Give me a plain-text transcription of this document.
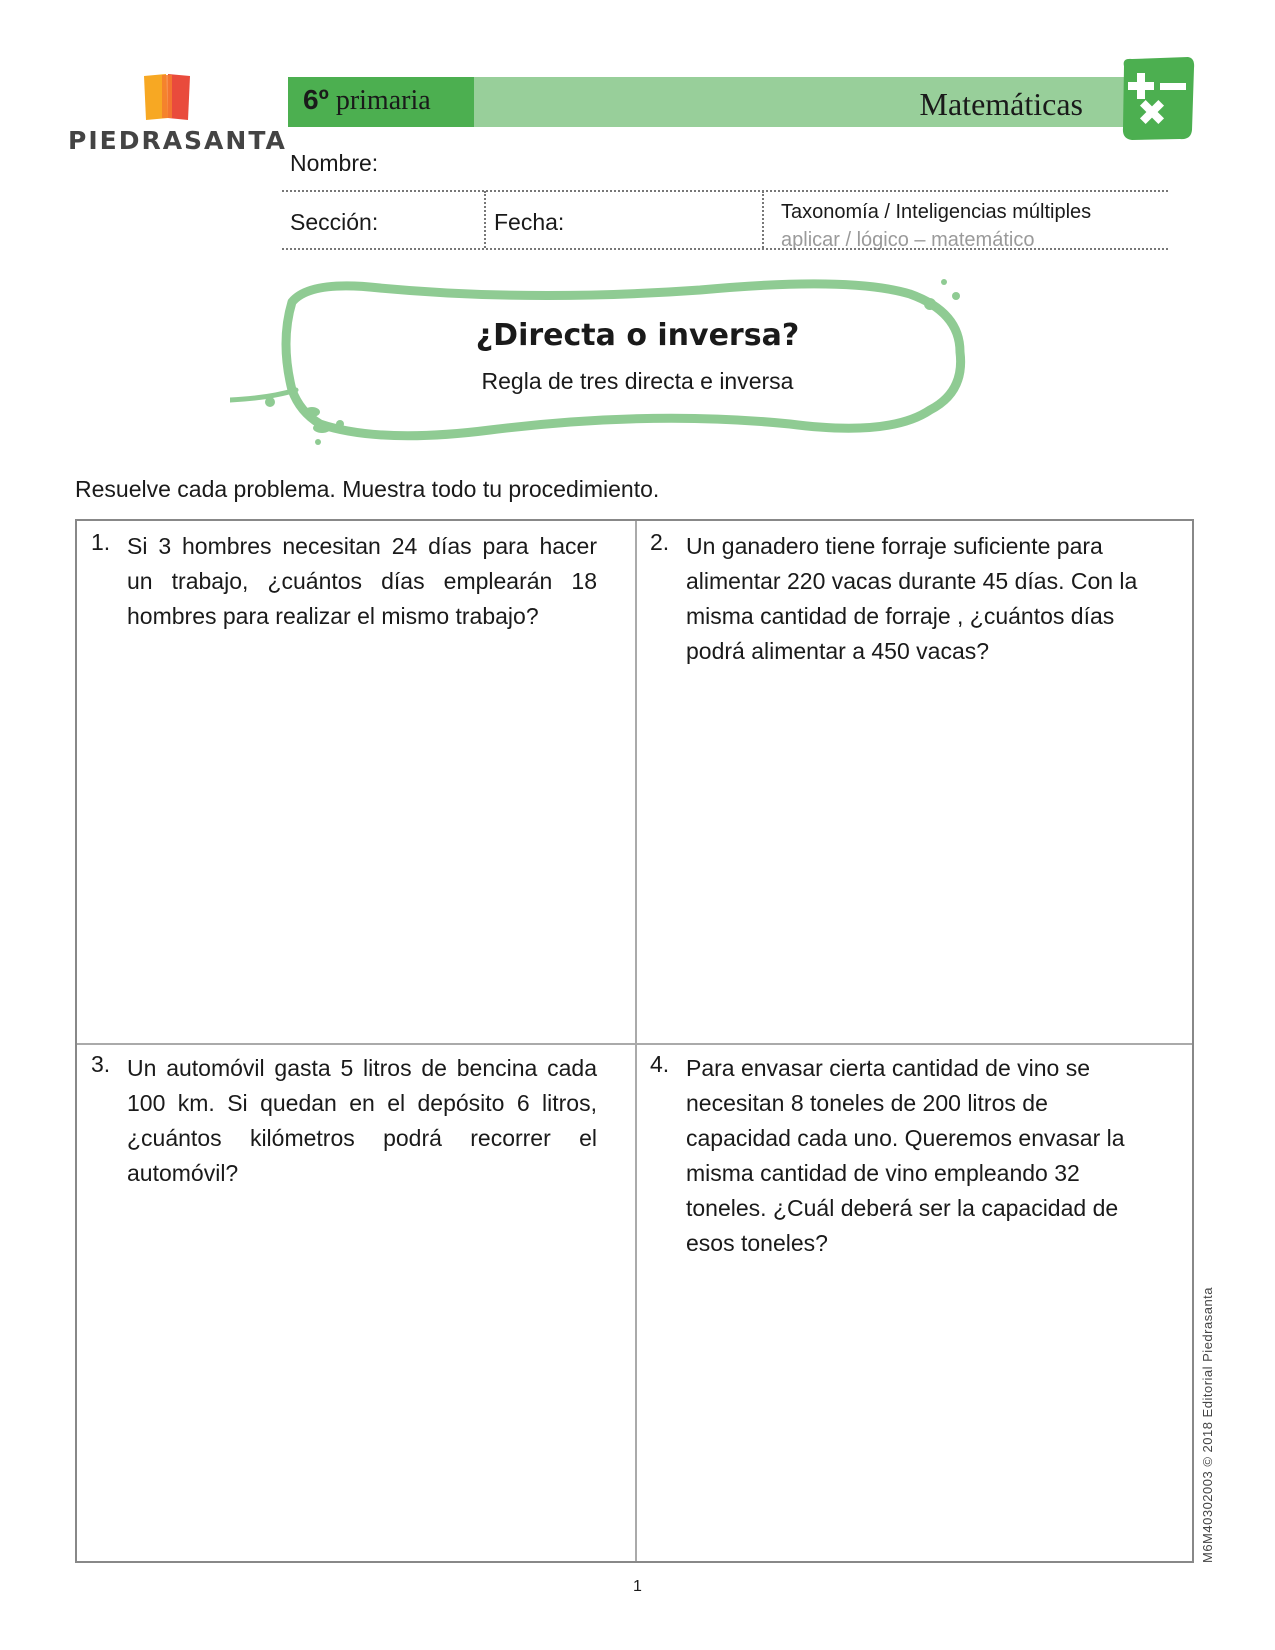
PIEDRASANTA
6º primaria	Matemáticas
Nombre:
Sección:	Fecha:	Taxonomía / Inteligencias múltiples
aplicar / lógico – matemático
¿Directa o inversa?
Regla de tres directa e inversa
Resuelve cada problema. Muestra todo tu procedimiento.
1. Si 3 hombres necesitan 24 días para hacer un trabajo, ¿cuántos días emplearán 18 hombres para realizar el mismo trabajo?
2. Un ganadero tiene forraje suficiente para alimentar 220 vacas durante 45 días. Con la misma cantidad de forraje , ¿cuántos días podrá alimentar a 450 vacas?
3. Un automóvil gasta 5 litros de bencina cada 100 km. Si quedan en el depósito 6 litros, ¿cuántos kilómetros podrá recorrer el automóvil?
4. Para envasar cierta cantidad de vino se necesitan 8 toneles de 200 litros de capacidad cada uno. Queremos envasar la misma cantidad de vino empleando 32 toneles. ¿Cuál deberá ser la capacidad de esos toneles?
M6M40302003 © 2018 Editorial Piedrasanta
1
